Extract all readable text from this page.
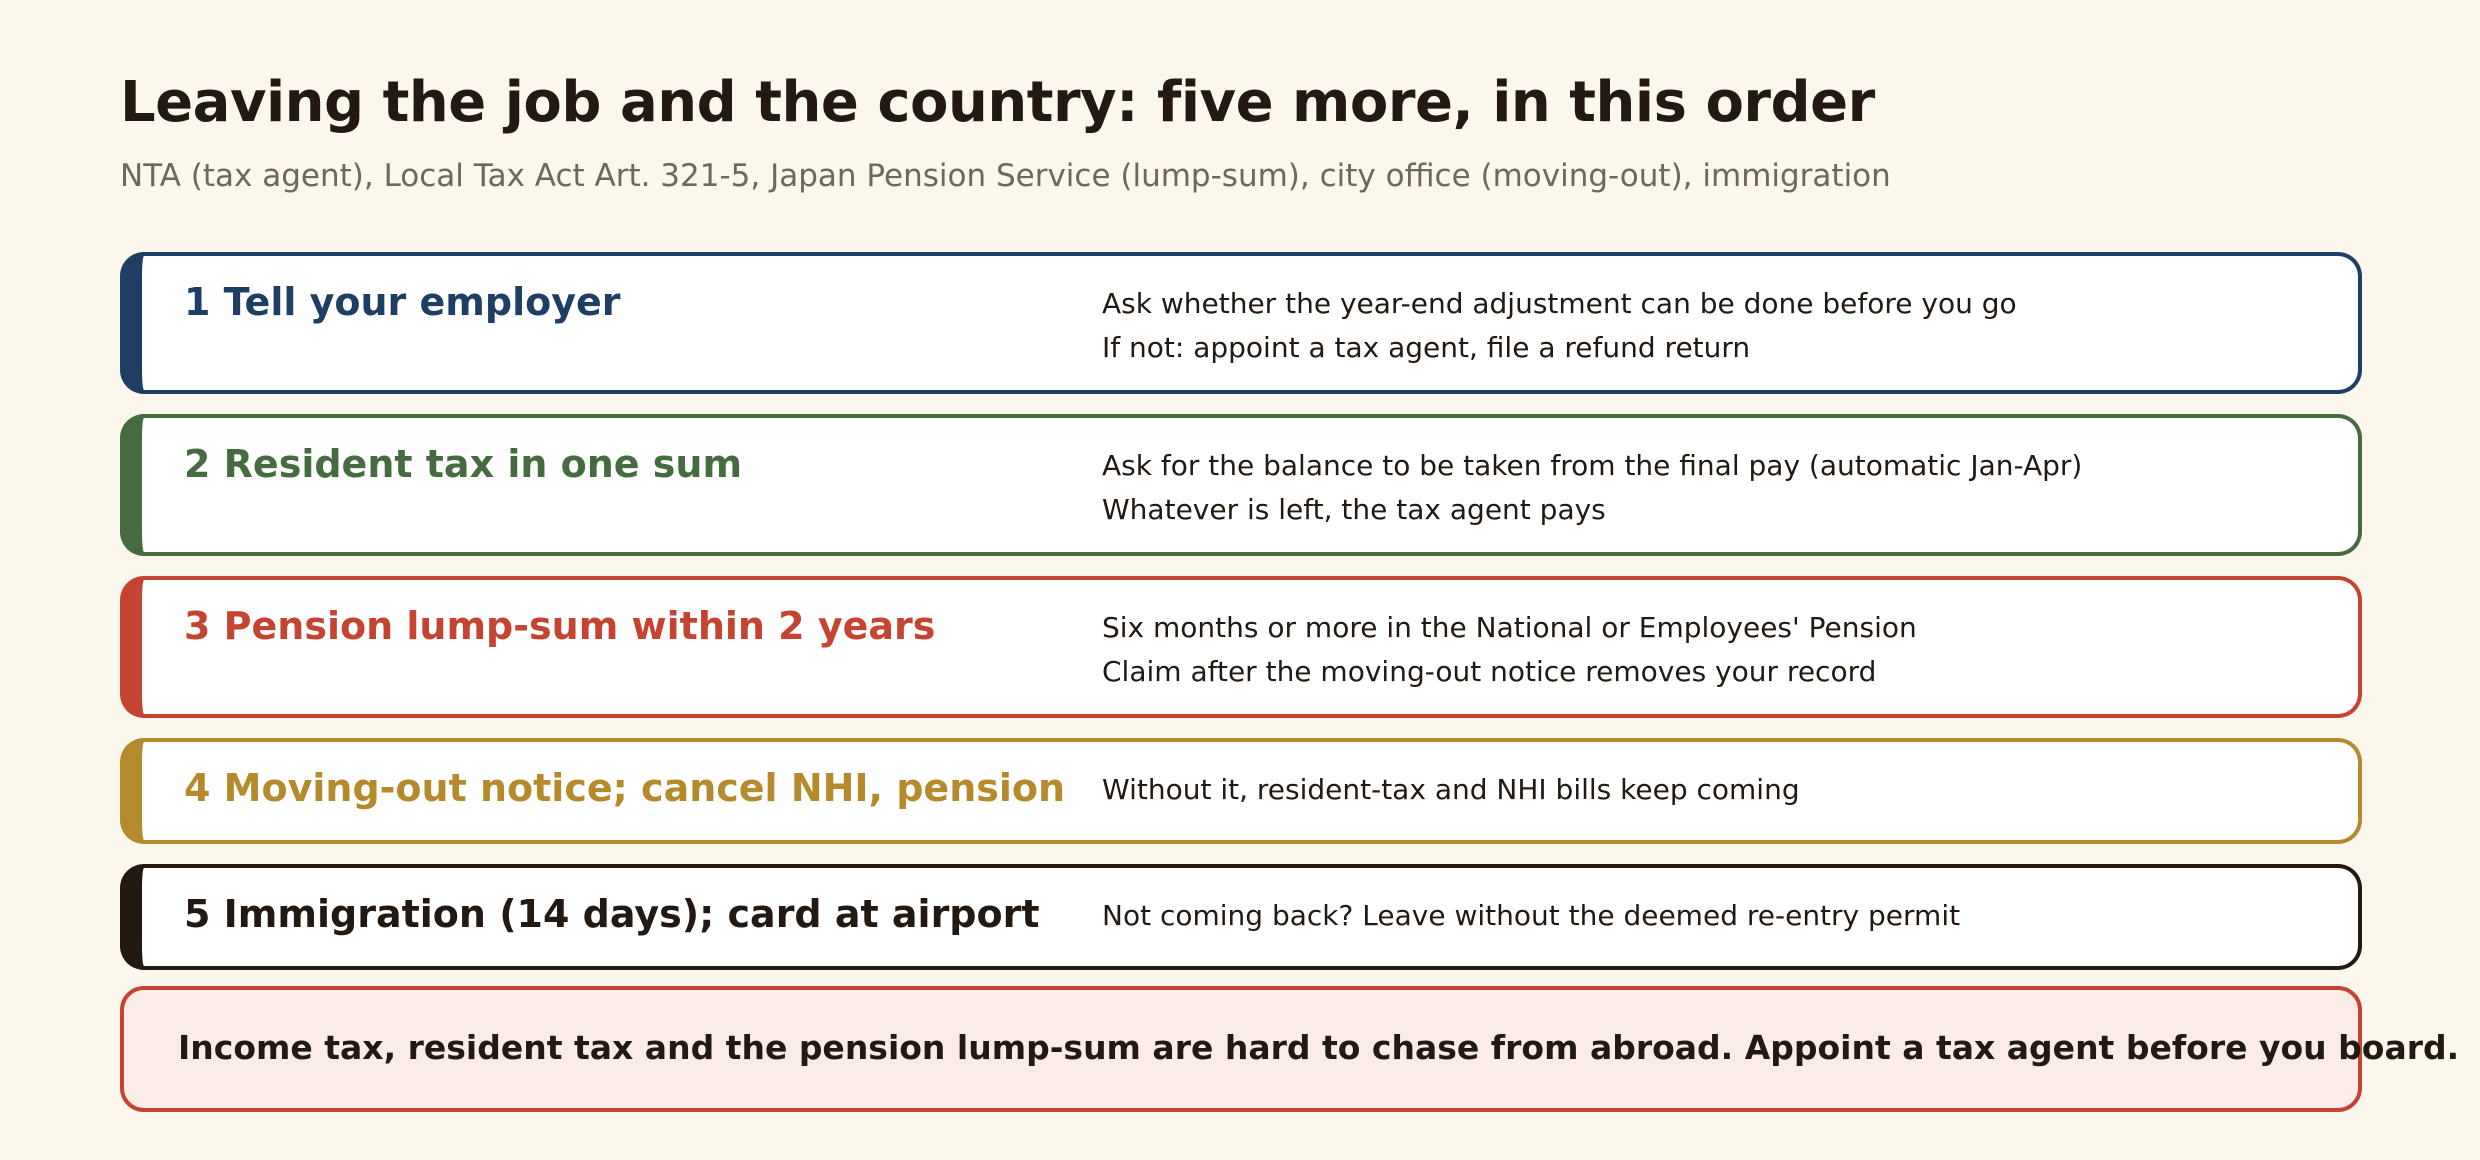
Leaving the job and the country: five more, in this order
NTA (tax agent), Local Tax Act Art. 321-5, Japan Pension Service (lump-sum), city office (moving-out), immigration
1 Tell your employer	Ask whether the year-end adjustment can be done before you go
If not: appoint a tax agent, file a refund return
2 Resident tax in one sum	Ask for the balance to be taken from the final pay (automatic Jan-Apr)
Whatever is left, the tax agent pays
3 Pension lump-sum within 2 years	Six months or more in the National or Employees' Pension
Claim after the moving-out notice removes your record
4 Moving-out notice; cancel NHI, pension Without it, resident-tax and NHI bills keep coming
5 Immigration (14 days); card at airport Not coming back? Leave without the deemed re-entry permit
Income tax, resident tax and the pension lump-sum are hard to chase from abroad. Appoint a tax agent before you board.
